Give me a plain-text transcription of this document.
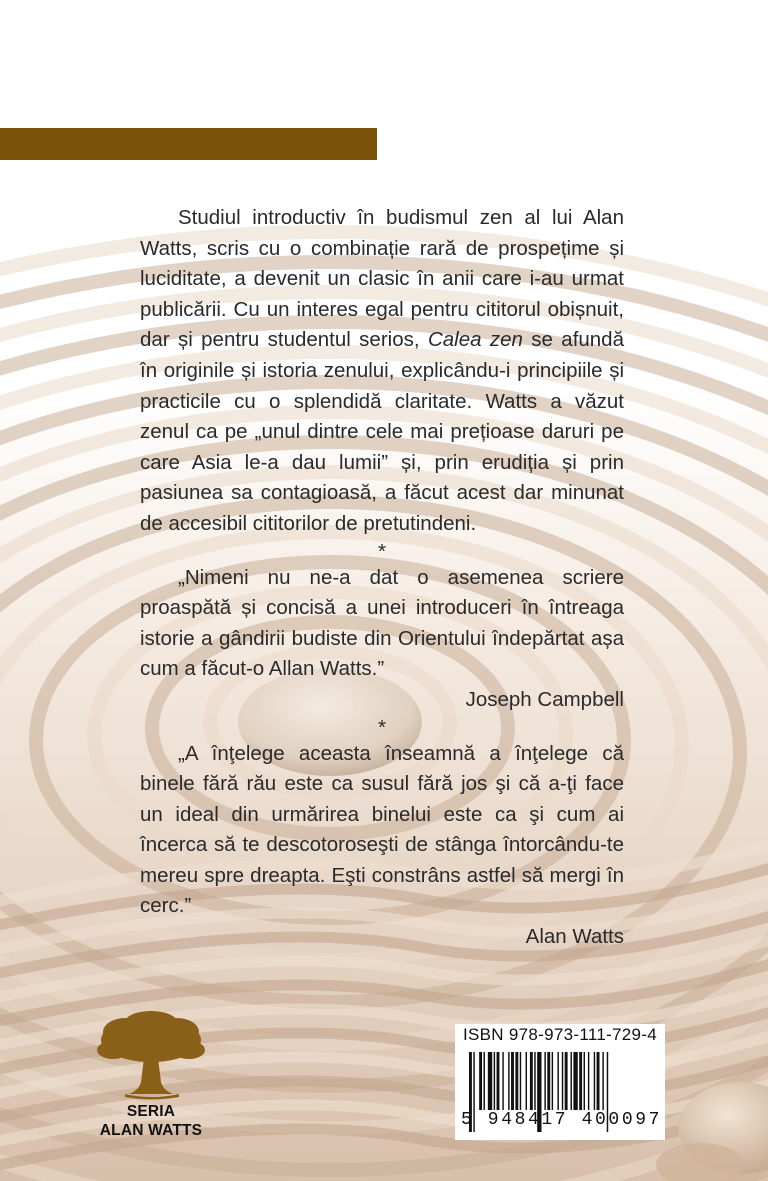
Studiul introductiv în budismul zen al lui Alan Watts, scris cu o combinație rară de prospețime și luciditate, a devenit un clasic în anii care i-au urmat publicării. Cu un interes egal pentru cititorul obișnuit, dar și pentru studentul serios, Calea zen se afundă în originile și istoria zenului, explicându-i principiile și practicile cu o splendidă claritate. Watts a văzut zenul ca pe „unul dintre cele mai prețioase daruri pe care Asia le-a dau lumii” și, prin erudiția și prin pasiunea sa contagioasă, a făcut acest dar minunat de accesibil cititorilor de pretutindeni.

*

„Nimeni nu ne-a dat o asemenea scriere proaspătă și concisă a unei introduceri în întreaga istorie a gândirii budiste din Orientului îndepărtat așa cum a făcut-o Allan Watts.”

Joseph Campbell

*

„A înţelege aceasta înseamnă a înţelege că binele fără rău este ca susul fără jos şi că a-ţi face un ideal din urmărirea binelui este ca şi cum ai încerca să te descotoroseşti de stânga întorcându-te mereu spre dreapta. Eşti constrâns astfel să mergi în cerc.”

Alan Watts

SERIA
ALAN WATTS
ISBN 978-973-111-729-4
5 948417 400097
